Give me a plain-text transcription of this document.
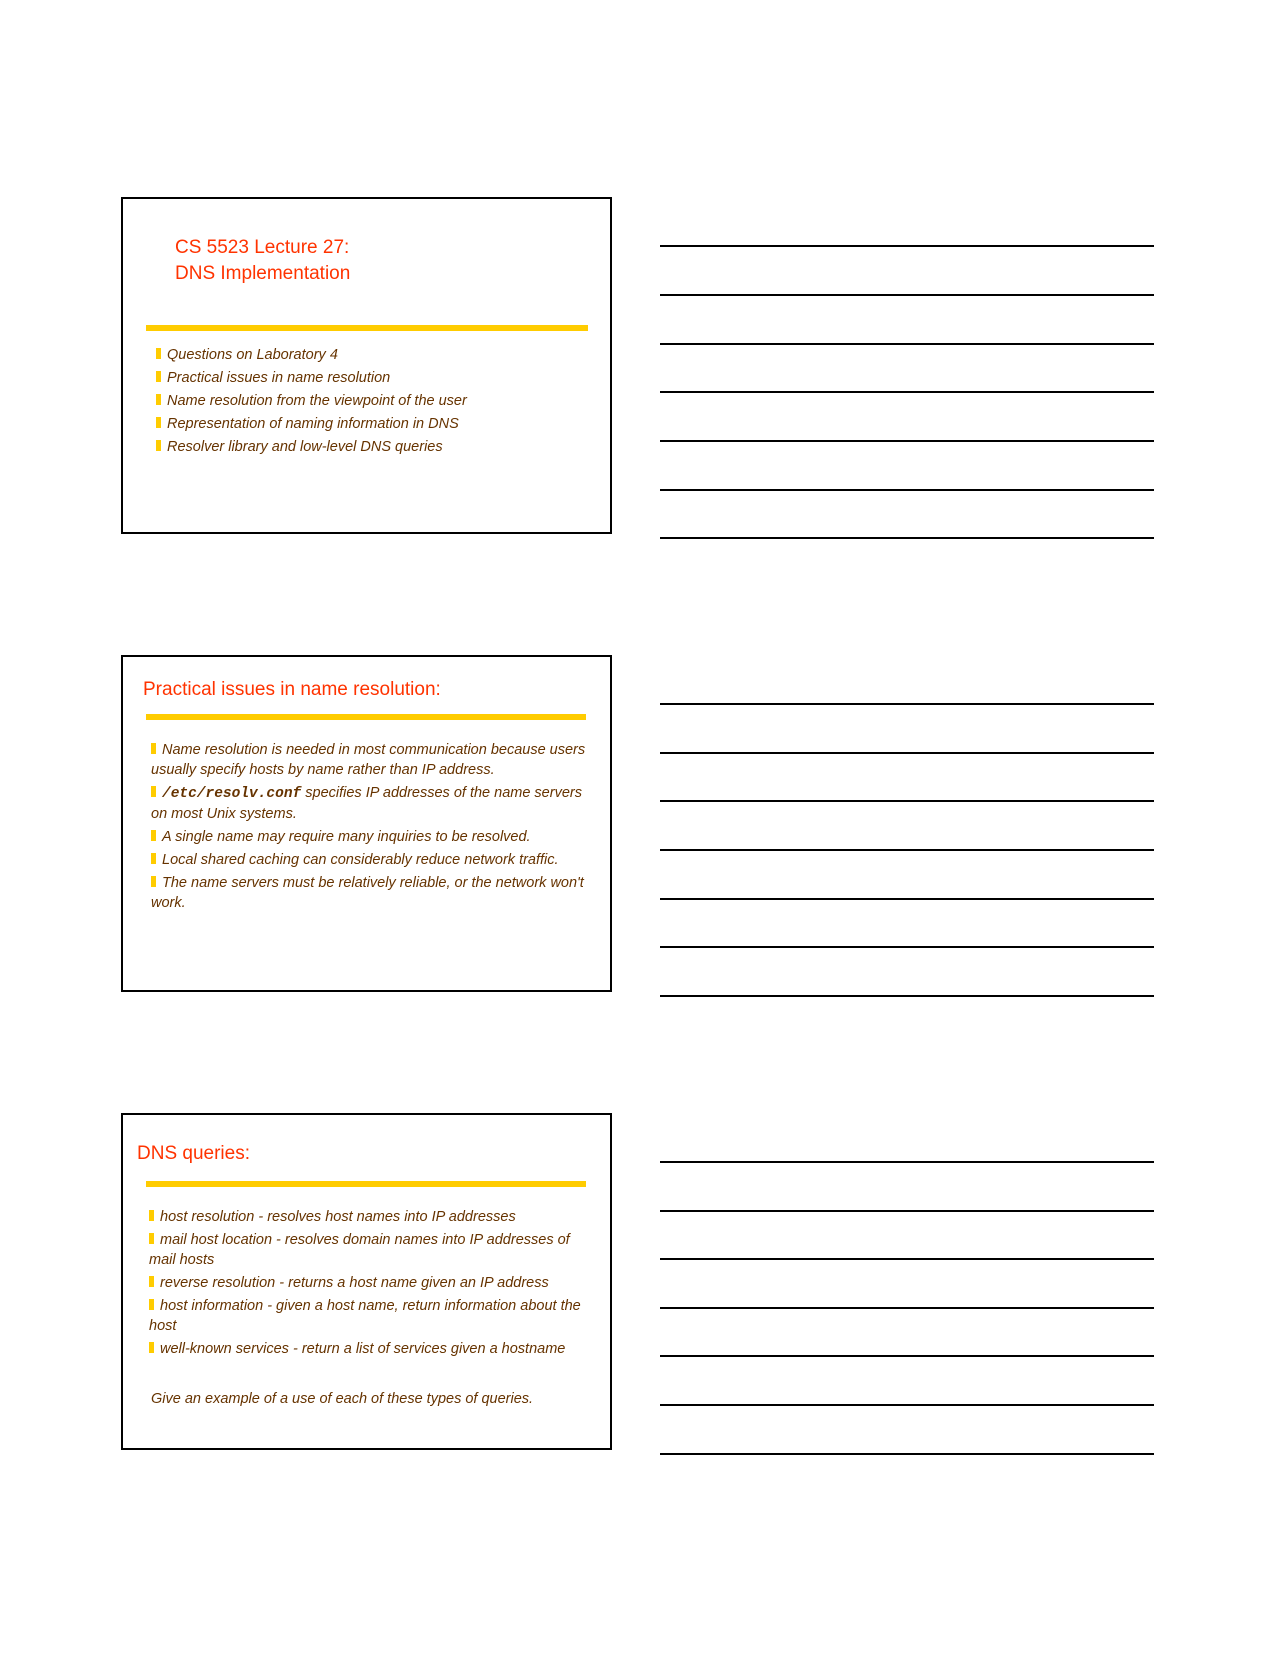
CS 5523 Lecture 27:
DNS Implementation
Questions on Laboratory 4
Practical issues in name resolution
Name resolution from the viewpoint of the user
Representation of naming information in DNS
Resolver library and low-level DNS queries
Practical issues in name resolution:
Name resolution is needed in most communication because users usually specify hosts by name rather than IP address.
/etc/resolv.conf specifies IP addresses of the name servers on most Unix systems.
A single name may require many inquiries to be resolved.
Local shared caching can considerably reduce network traffic.
The name servers must be relatively reliable, or the network won't work.
DNS queries:
host resolution - resolves host names into IP addresses
mail host location - resolves domain names into IP addresses of mail hosts
reverse resolution - returns a host name given an IP address
host information - given a host name, return information about the host
well-known services - return a list of services given a hostname
Give an example of a use of each of these types of queries.
